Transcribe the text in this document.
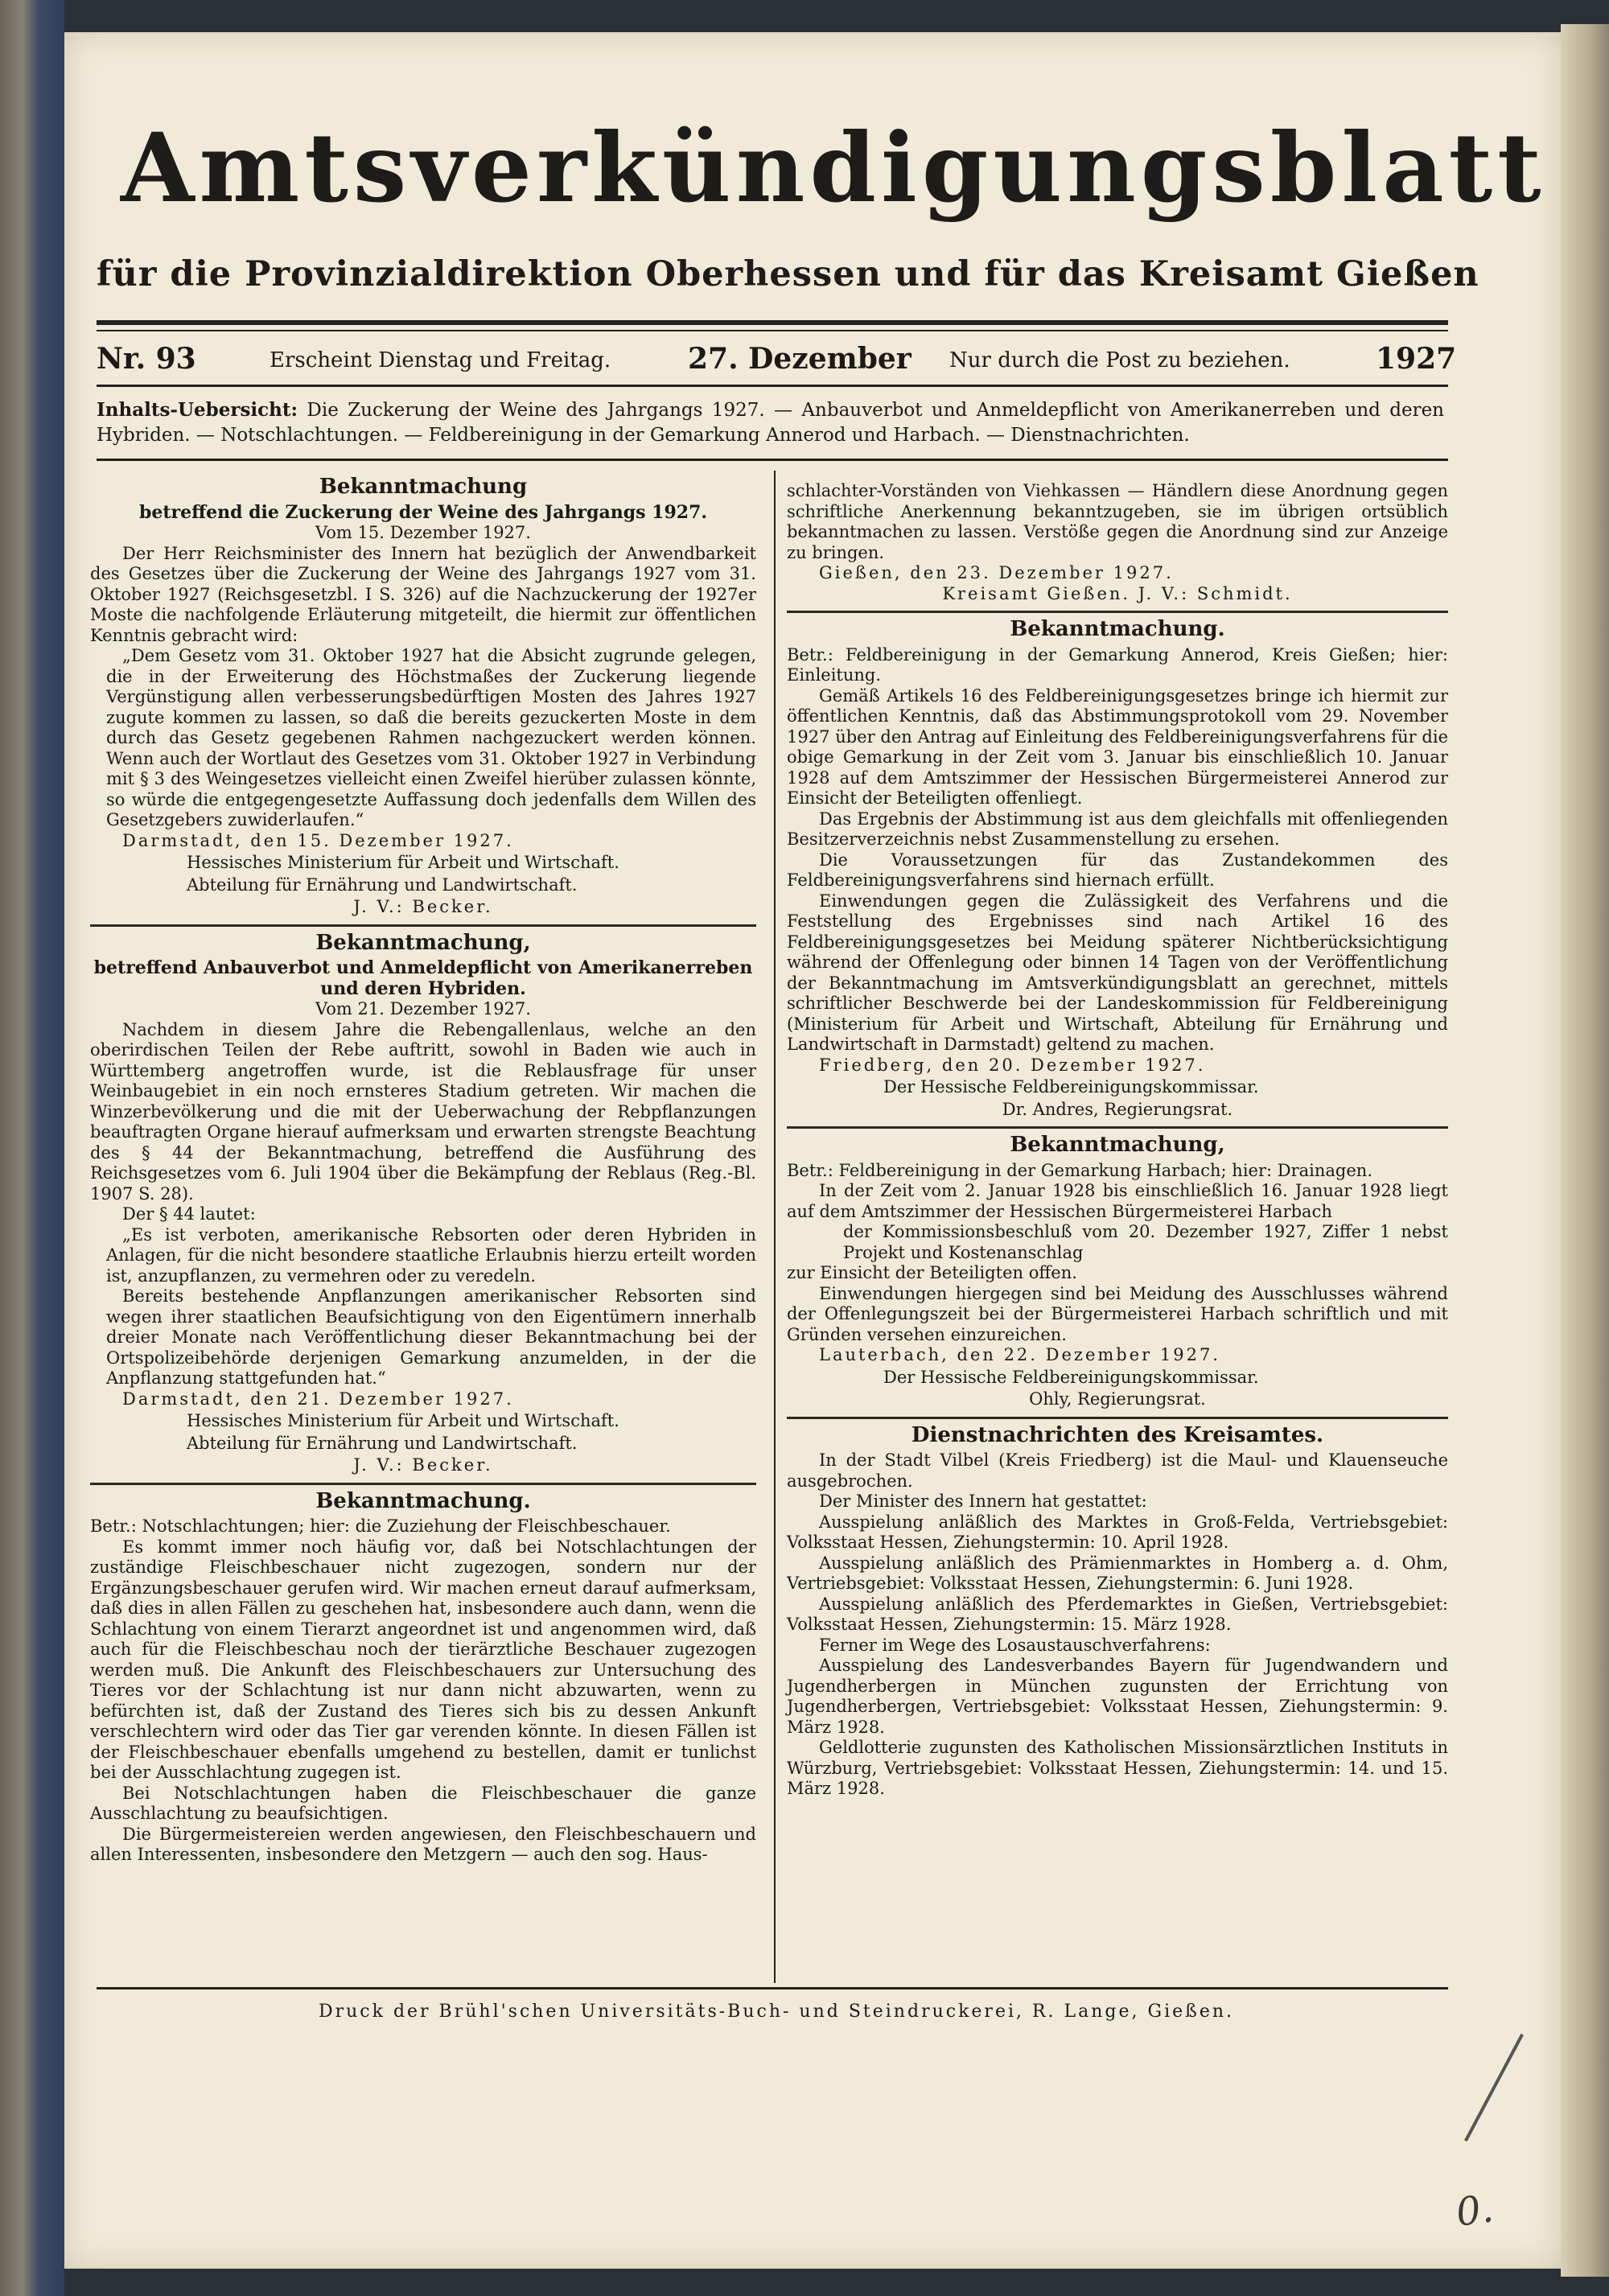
Amtsverkündigungsblatt
für die Provinzialdirektion Oberhessen und für das Kreisamt Gießen
Nr. 93	Erscheint Dienstag und Freitag.	27. Dezember Nur durch die Post zu beziehen.	1927
Inhalts-Uebersicht: Die Zuckerung der Weine des Jahrgangs 1927. — Anbauverbot und Anmeldepflicht von Amerikanerreben und deren Hybriden. — Notschlachtungen. — Feldbereinigung in der Gemarkung Annerod und Harbach. — Dienstnachrichten.

Bekanntmachung

betreffend die Zuckerung der Weine des Jahrgangs 1927.

Vom 15. Dezember 1927.

Der Herr Reichsminister des Innern hat bezüglich der Anwendbarkeit des Gesetzes über die Zuckerung der Weine des Jahrgangs 1927 vom 31. Oktober 1927 (Reichsgesetzbl. I S. 326) auf die Nachzuckerung der 1927er Moste die nachfolgende Erläuterung mitgeteilt, die hiermit zur öffentlichen Kenntnis gebracht wird:

„Dem Gesetz vom 31. Oktober 1927 hat die Absicht zugrunde gelegen, die in der Erweiterung des Höchstmaßes der Zuckerung liegende Vergünstigung allen verbesserungsbedürftigen Mosten des Jahres 1927 zugute kommen zu lassen, so daß die bereits gezuckerten Moste in dem durch das Gesetz gegebenen Rahmen nachgezuckert werden können. Wenn auch der Wortlaut des Gesetzes vom 31. Oktober 1927 in Verbindung mit § 3 des Weingesetzes vielleicht einen Zweifel hierüber zulassen könnte, so würde die entgegengesetzte Auffassung doch jedenfalls dem Willen des Gesetzgebers zuwiderlaufen.“

Darmstadt, den 15. Dezember 1927.

Hessisches Ministerium für Arbeit und Wirtschaft.

Abteilung für Ernährung und Landwirtschaft.

J. V.: Becker.

Bekanntmachung,

betreffend Anbauverbot und Anmeldepflicht von Amerikanerreben und deren Hybriden.

Vom 21. Dezember 1927.

Nachdem in diesem Jahre die Rebengallenlaus, welche an den oberirdischen Teilen der Rebe auftritt, sowohl in Baden wie auch in Württemberg angetroffen wurde, ist die Reblausfrage für unser Weinbaugebiet in ein noch ernsteres Stadium getreten. Wir machen die Winzerbevölkerung und die mit der Ueberwachung der Rebpflanzungen beauftragten Organe hierauf aufmerksam und erwarten strengste Beachtung des § 44 der Bekanntmachung, betreffend die Ausführung des Reichsgesetzes vom 6. Juli 1904 über die Bekämpfung der Reblaus (Reg.-Bl. 1907 S. 28).

Der § 44 lautet:

„Es ist verboten, amerikanische Rebsorten oder deren Hybriden in Anlagen, für die nicht besondere staatliche Erlaubnis hierzu erteilt worden ist, anzupflanzen, zu vermehren oder zu veredeln.

Bereits bestehende Anpflanzungen amerikanischer Rebsorten sind wegen ihrer staatlichen Beaufsichtigung von den Eigentümern innerhalb dreier Monate nach Veröffentlichung dieser Bekanntmachung bei der Ortspolizeibehörde derjenigen Gemarkung anzumelden, in der die Anpflanzung stattgefunden hat.“

Darmstadt, den 21. Dezember 1927.

Hessisches Ministerium für Arbeit und Wirtschaft.

Abteilung für Ernährung und Landwirtschaft.

J. V.: Becker.

Bekanntmachung.

Betr.: Notschlachtungen; hier: die Zuziehung der Fleischbeschauer.

Es kommt immer noch häufig vor, daß bei Notschlachtungen der zuständige Fleischbeschauer nicht zugezogen, sondern nur der Ergänzungsbeschauer gerufen wird. Wir machen erneut darauf aufmerksam, daß dies in allen Fällen zu geschehen hat, insbesondere auch dann, wenn die Schlachtung von einem Tierarzt angeordnet ist und angenommen wird, daß auch für die Fleischbeschau noch der tierärztliche Beschauer zugezogen werden muß. Die Ankunft des Fleischbeschauers zur Untersuchung des Tieres vor der Schlachtung ist nur dann nicht abzuwarten, wenn zu befürchten ist, daß der Zustand des Tieres sich bis zu dessen Ankunft verschlechtern wird oder das Tier gar verenden könnte. In diesen Fällen ist der Fleischbeschauer ebenfalls umgehend zu bestellen, damit er tunlichst bei der Ausschlachtung zugegen ist.

Bei Notschlachtungen haben die Fleischbeschauer die ganze Ausschlachtung zu beaufsichtigen.

Die Bürgermeistereien werden angewiesen, den Fleischbeschauern und allen Interessenten, insbesondere den Metzgern — auch den sog. Haus-

schlachter-Vorständen von Viehkassen — Händlern diese Anordnung gegen schriftliche Anerkennung bekanntzugeben, sie im übrigen ortsüblich bekanntmachen zu lassen. Verstöße gegen die Anordnung sind zur Anzeige zu bringen.

Gießen, den 23. Dezember 1927.

Kreisamt Gießen. J. V.: Schmidt.

Bekanntmachung.

Betr.: Feldbereinigung in der Gemarkung Annerod, Kreis Gießen; hier: Einleitung.

Gemäß Artikels 16 des Feldbereinigungsgesetzes bringe ich hiermit zur öffentlichen Kenntnis, daß das Abstimmungsprotokoll vom 29. November 1927 über den Antrag auf Einleitung des Feldbereinigungsverfahrens für die obige Gemarkung in der Zeit vom 3. Januar bis einschließlich 10. Januar 1928 auf dem Amtszimmer der Hessischen Bürgermeisterei Annerod zur Einsicht der Beteiligten offenliegt.

Das Ergebnis der Abstimmung ist aus dem gleichfalls mit offenliegenden Besitzerverzeichnis nebst Zusammenstellung zu ersehen.

Die Voraussetzungen für das Zustandekommen des Feldbereinigungsverfahrens sind hiernach erfüllt.

Einwendungen gegen die Zulässigkeit des Verfahrens und die Feststellung des Ergebnisses sind nach Artikel 16 des Feldbereinigungsgesetzes bei Meidung späterer Nichtberücksichtigung während der Offenlegung oder binnen 14 Tagen von der Veröffentlichung der Bekanntmachung im Amtsverkündigungsblatt an gerechnet, mittels schriftlicher Beschwerde bei der Landeskommission für Feldbereinigung (Ministerium für Arbeit und Wirtschaft, Abteilung für Ernährung und Landwirtschaft in Darmstadt) geltend zu machen.

Friedberg, den 20. Dezember 1927.

Der Hessische Feldbereinigungskommissar.

Dr. Andres, Regierungsrat.

Bekanntmachung,

Betr.: Feldbereinigung in der Gemarkung Harbach; hier: Drainagen.

In der Zeit vom 2. Januar 1928 bis einschließlich 16. Januar 1928 liegt auf dem Amtszimmer der Hessischen Bürgermeisterei Harbach

der Kommissionsbeschluß vom 20. Dezember 1927, Ziffer 1 nebst Projekt und Kostenanschlag

zur Einsicht der Beteiligten offen.

Einwendungen hiergegen sind bei Meidung des Ausschlusses während der Offenlegungszeit bei der Bürgermeisterei Harbach schriftlich und mit Gründen versehen einzureichen.

Lauterbach, den 22. Dezember 1927.

Der Hessische Feldbereinigungskommissar.

Ohly, Regierungsrat.

Dienstnachrichten des Kreisamtes.

In der Stadt Vilbel (Kreis Friedberg) ist die Maul- und Klauenseuche ausgebrochen.

Der Minister des Innern hat gestattet:

Ausspielung anläßlich des Marktes in Groß-Felda, Vertriebsgebiet: Volksstaat Hessen, Ziehungstermin: 10. April 1928.

Ausspielung anläßlich des Prämienmarktes in Homberg a. d. Ohm, Vertriebsgebiet: Volksstaat Hessen, Ziehungstermin: 6. Juni 1928.

Ausspielung anläßlich des Pferdemarktes in Gießen, Vertriebsgebiet: Volksstaat Hessen, Ziehungstermin: 15. März 1928.

Ferner im Wege des Losaustauschverfahrens:

Ausspielung des Landesverbandes Bayern für Jugendwandern und Jugendherbergen in München zugunsten der Errichtung von Jugendherbergen, Vertriebsgebiet: Volksstaat Hessen, Ziehungstermin: 9. März 1928.

Geldlotterie zugunsten des Katholischen Missionsärztlichen Instituts in Würzburg, Vertriebsgebiet: Volksstaat Hessen, Ziehungstermin: 14. und 15. März 1928.

Druck der Brühl'schen Universitäts-Buch- und Steindruckerei, R. Lange, Gießen.
0.
